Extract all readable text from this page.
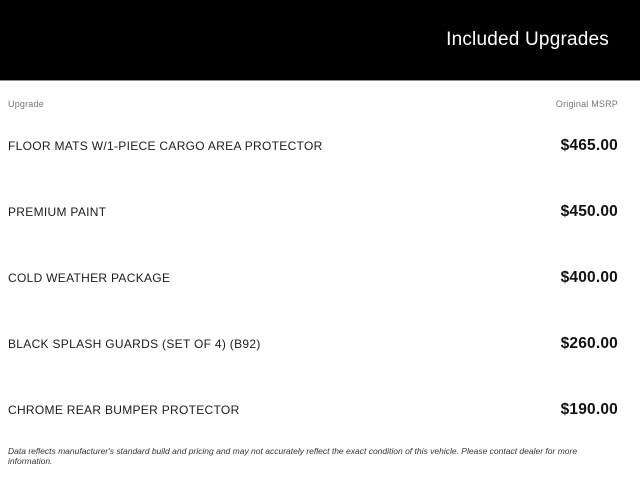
Included Upgrades
Upgrade	Original MSRP
FLOOR MATS W/1-PIECE CARGO AREA PROTECTOR	$465.00
PREMIUM PAINT	$450.00
COLD WEATHER PACKAGE	$400.00
BLACK SPLASH GUARDS (SET OF 4) (B92)	$260.00
CHROME REAR BUMPER PROTECTOR	$190.00
Data reflects manufacturer's standard build and pricing and may not accurately reflect the exact condition of this vehicle. Please contact dealer for more information.
